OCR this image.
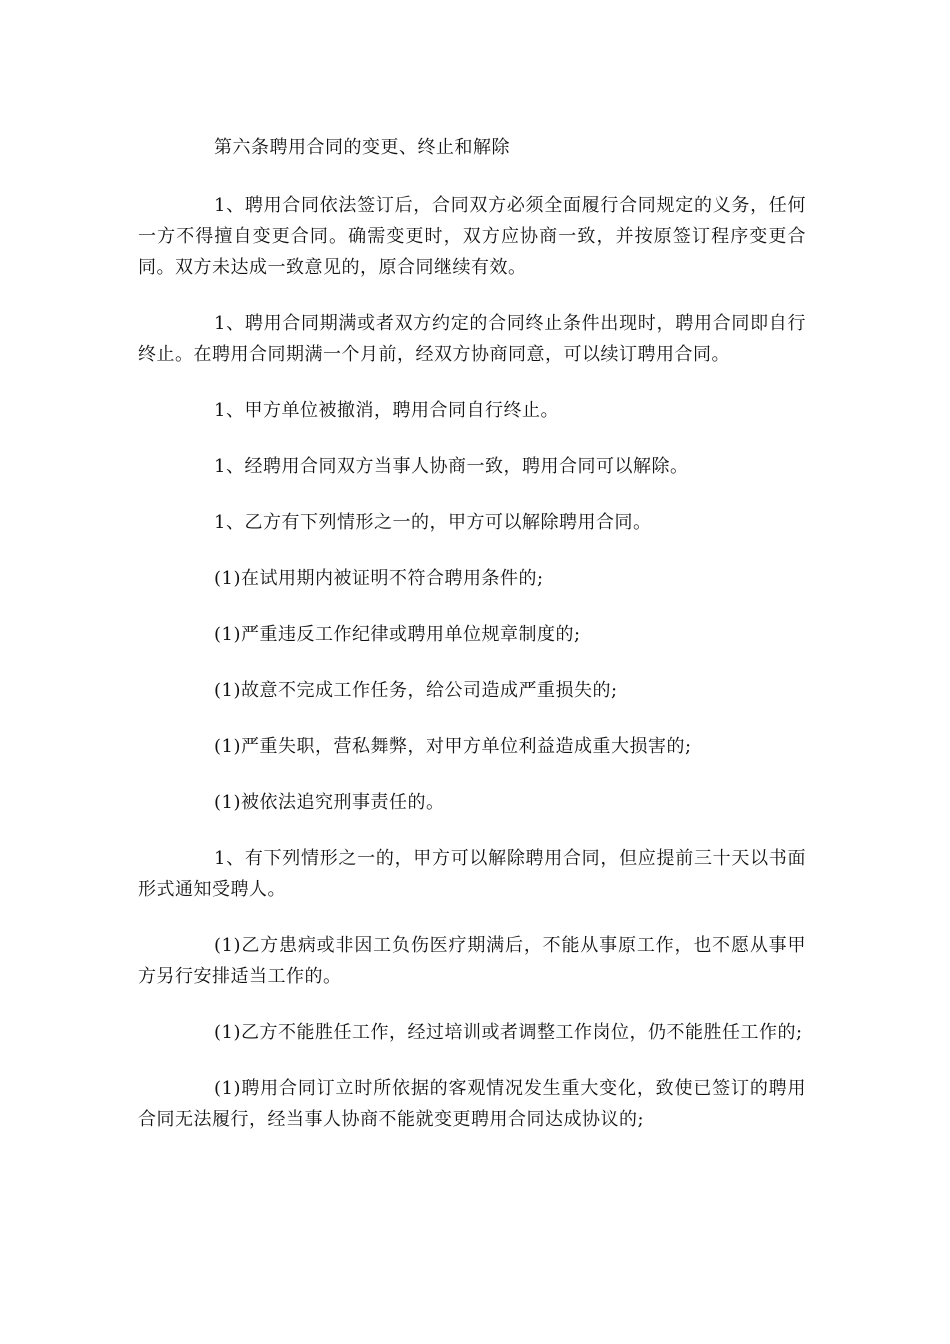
第六条聘用合同的变更、终止和解除

1、聘用合同依法签订后，合同双方必须全面履行合同规定的义务，任何一方不得擅自变更合同。确需变更时，双方应协商一致，并按原签订程序变更合同。双方未达成一致意见的，原合同继续有效。

1、聘用合同期满或者双方约定的合同终止条件出现时，聘用合同即自行终止。在聘用合同期满一个月前，经双方协商同意，可以续订聘用合同。

1、甲方单位被撤消，聘用合同自行终止。

1、经聘用合同双方当事人协商一致，聘用合同可以解除。

1、乙方有下列情形之一的，甲方可以解除聘用合同。

(1)在试用期内被证明不符合聘用条件的;

(1)严重违反工作纪律或聘用单位规章制度的;

(1)故意不完成工作任务，给公司造成严重损失的;

(1)严重失职，营私舞弊，对甲方单位利益造成重大损害的;

(1)被依法追究刑事责任的。

1、有下列情形之一的，甲方可以解除聘用合同，但应提前三十天以书面形式通知受聘人。

(1)乙方患病或非因工负伤医疗期满后，不能从事原工作，也不愿从事甲方另行安排适当工作的。

(1)乙方不能胜任工作，经过培训或者调整工作岗位，仍不能胜任工作的;

(1)聘用合同订立时所依据的客观情况发生重大变化，致使已签订的聘用合同无法履行，经当事人协商不能就变更聘用合同达成协议的;
